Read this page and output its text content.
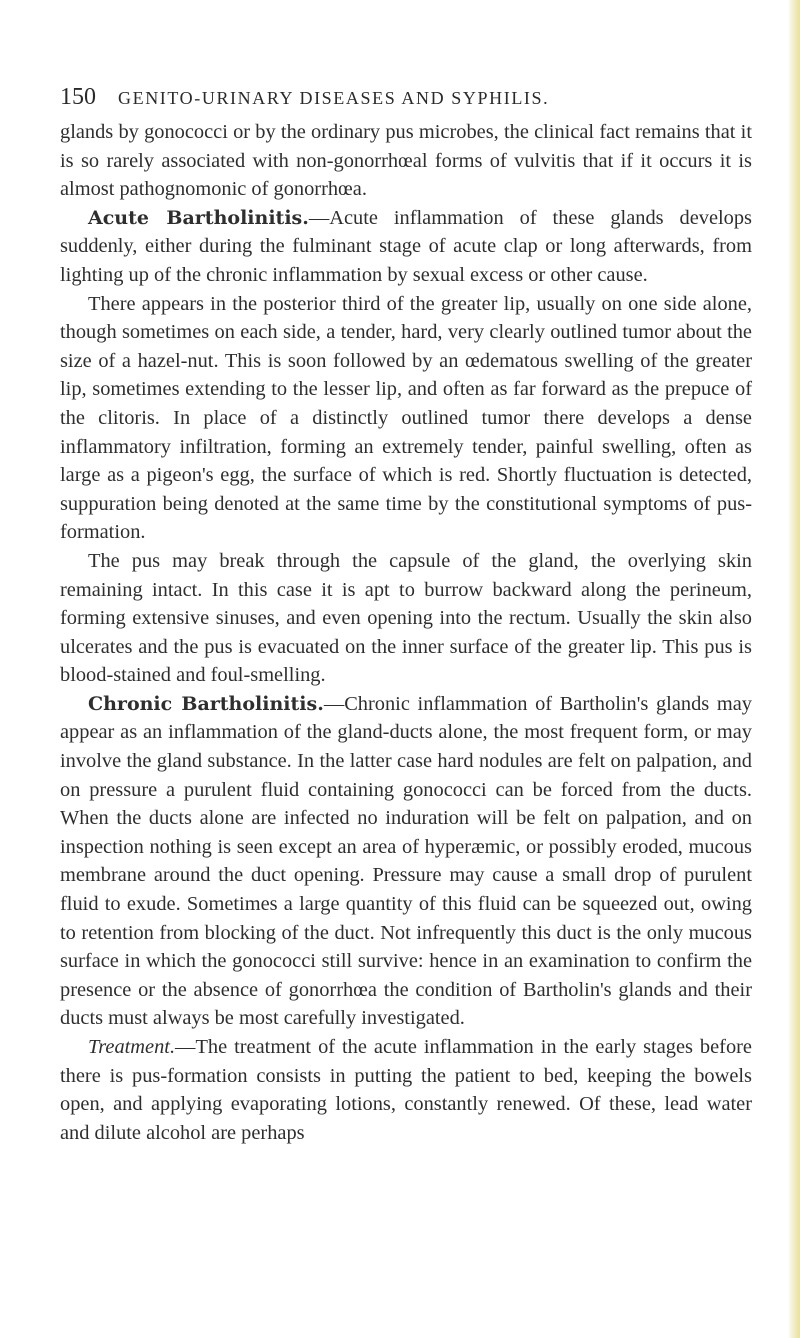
150 GENITO-URINARY DISEASES AND SYPHILIS.

glands by gonococci or by the ordinary pus microbes, the clinical fact remains that it is so rarely associated with non-gonorrhœal forms of vulvitis that if it occurs it is almost pathognomonic of gonorrhœa.

Acute Bartholinitis.—Acute inflammation of these glands develops suddenly, either during the fulminant stage of acute clap or long afterwards, from lighting up of the chronic inflammation by sexual excess or other cause.

There appears in the posterior third of the greater lip, usually on one side alone, though sometimes on each side, a tender, hard, very clearly outlined tumor about the size of a hazel-nut. This is soon followed by an œdematous swelling of the greater lip, sometimes extending to the lesser lip, and often as far forward as the prepuce of the clitoris. In place of a distinctly outlined tumor there develops a dense inflammatory infiltration, forming an extremely tender, painful swelling, often as large as a pigeon's egg, the surface of which is red. Shortly fluctuation is detected, suppuration being denoted at the same time by the constitutional symptoms of pus-formation.

The pus may break through the capsule of the gland, the overlying skin remaining intact. In this case it is apt to burrow backward along the perineum, forming extensive sinuses, and even opening into the rectum. Usually the skin also ulcerates and the pus is evacuated on the inner surface of the greater lip. This pus is blood-stained and foul-smelling.

Chronic Bartholinitis.—Chronic inflammation of Bartholin's glands may appear as an inflammation of the gland-ducts alone, the most frequent form, or may involve the gland substance. In the latter case hard nodules are felt on palpation, and on pressure a purulent fluid containing gonococci can be forced from the ducts. When the ducts alone are infected no induration will be felt on palpation, and on inspection nothing is seen except an area of hyperæmic, or possibly eroded, mucous membrane around the duct opening. Pressure may cause a small drop of purulent fluid to exude. Sometimes a large quantity of this fluid can be squeezed out, owing to retention from blocking of the duct. Not infrequently this duct is the only mucous surface in which the gonococci still survive: hence in an examination to confirm the presence or the absence of gonorrhœa the condition of Bartholin's glands and their ducts must always be most carefully investigated.

Treatment.—The treatment of the acute inflammation in the early stages before there is pus-formation consists in putting the patient to bed, keeping the bowels open, and applying evaporating lotions, constantly renewed. Of these, lead water and dilute alcohol are perhaps
